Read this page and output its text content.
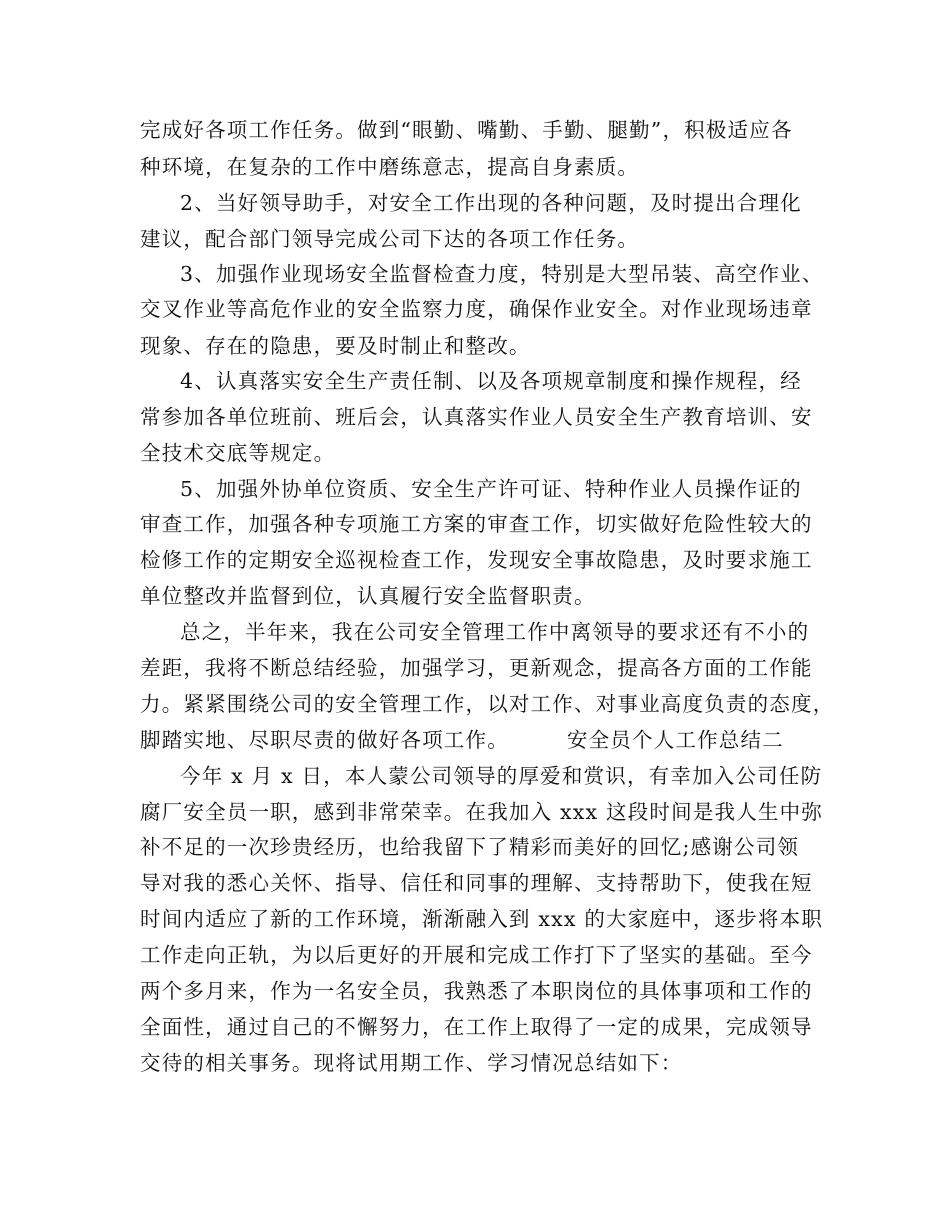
完成好各项工作任务。做到“眼勤、嘴勤、手勤、腿勤”，积极适应各
种环境，在复杂的工作中磨练意志，提高自身素质。
2、当好领导助手，对安全工作出现的各种问题，及时提出合理化
建议，配合部门领导完成公司下达的各项工作任务。
3、加强作业现场安全监督检查力度，特别是大型吊装、高空作业、
交叉作业等高危作业的安全监察力度，确保作业安全。对作业现场违章
现象、存在的隐患，要及时制止和整改。
4、认真落实安全生产责任制、以及各项规章制度和操作规程，经
常参加各单位班前、班后会，认真落实作业人员安全生产教育培训、安
全技术交底等规定。
5、加强外协单位资质、安全生产许可证、特种作业人员操作证的
审查工作，加强各种专项施工方案的审查工作，切实做好危险性较大的
检修工作的定期安全巡视检查工作，发现安全事故隐患，及时要求施工
单位整改并监督到位，认真履行安全监督职责。
总之，半年来，我在公司安全管理工作中离领导的要求还有不小的
差距，我将不断总结经验，加强学习，更新观念，提高各方面的工作能
力。紧紧围绕公司的安全管理工作，以对工作、对事业高度负责的态度，
脚踏实地、尽职尽责的做好各项工作。	安全员个人工作总结二
今年 x 月 x 日，本人蒙公司领导的厚爱和赏识，有幸加入公司任防
腐厂安全员一职，感到非常荣幸。在我加入 xxx 这段时间是我人生中弥
补不足的一次珍贵经历，也给我留下了精彩而美好的回忆;感谢公司领
导对我的悉心关怀、指导、信任和同事的理解、支持帮助下，使我在短
时间内适应了新的工作环境，渐渐融入到 xxx 的大家庭中，逐步将本职
工作走向正轨，为以后更好的开展和完成工作打下了坚实的基础。至今
两个多月来，作为一名安全员，我熟悉了本职岗位的具体事项和工作的
全面性，通过自己的不懈努力，在工作上取得了一定的成果，完成领导
交待的相关事务。现将试用期工作、学习情况总结如下：
